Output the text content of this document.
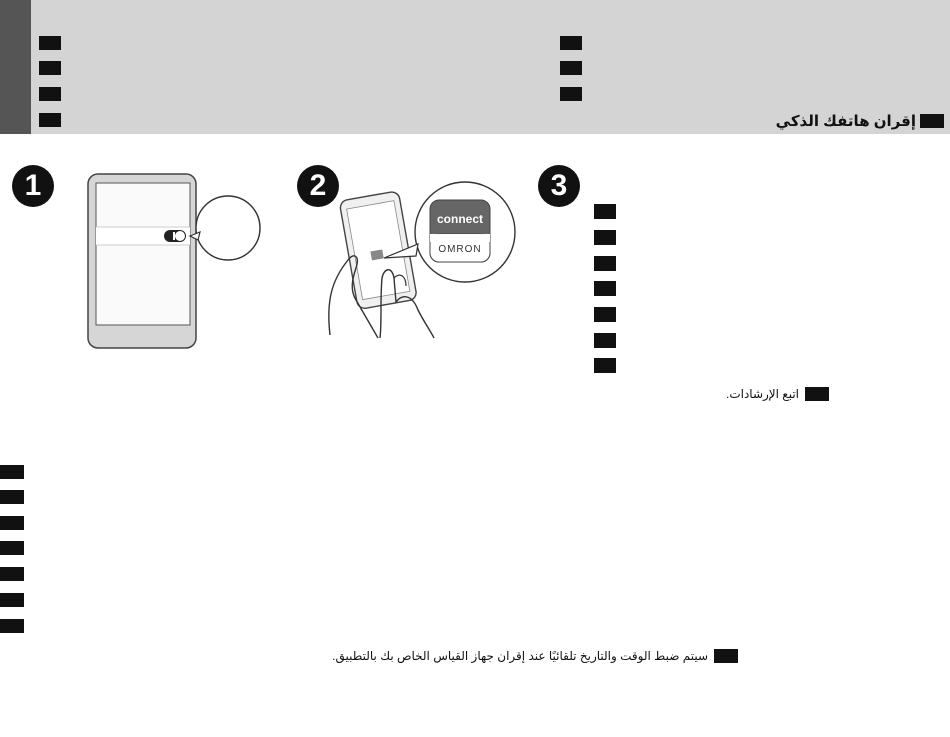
إقران هاتفك الذكي
1	2	3
connect
OMRON
اتبع الإرشادات.
سيتم ضبط الوقت والتاريخ تلقائيًا عند إقران جهاز القياس الخاص بك بالتطبيق.
